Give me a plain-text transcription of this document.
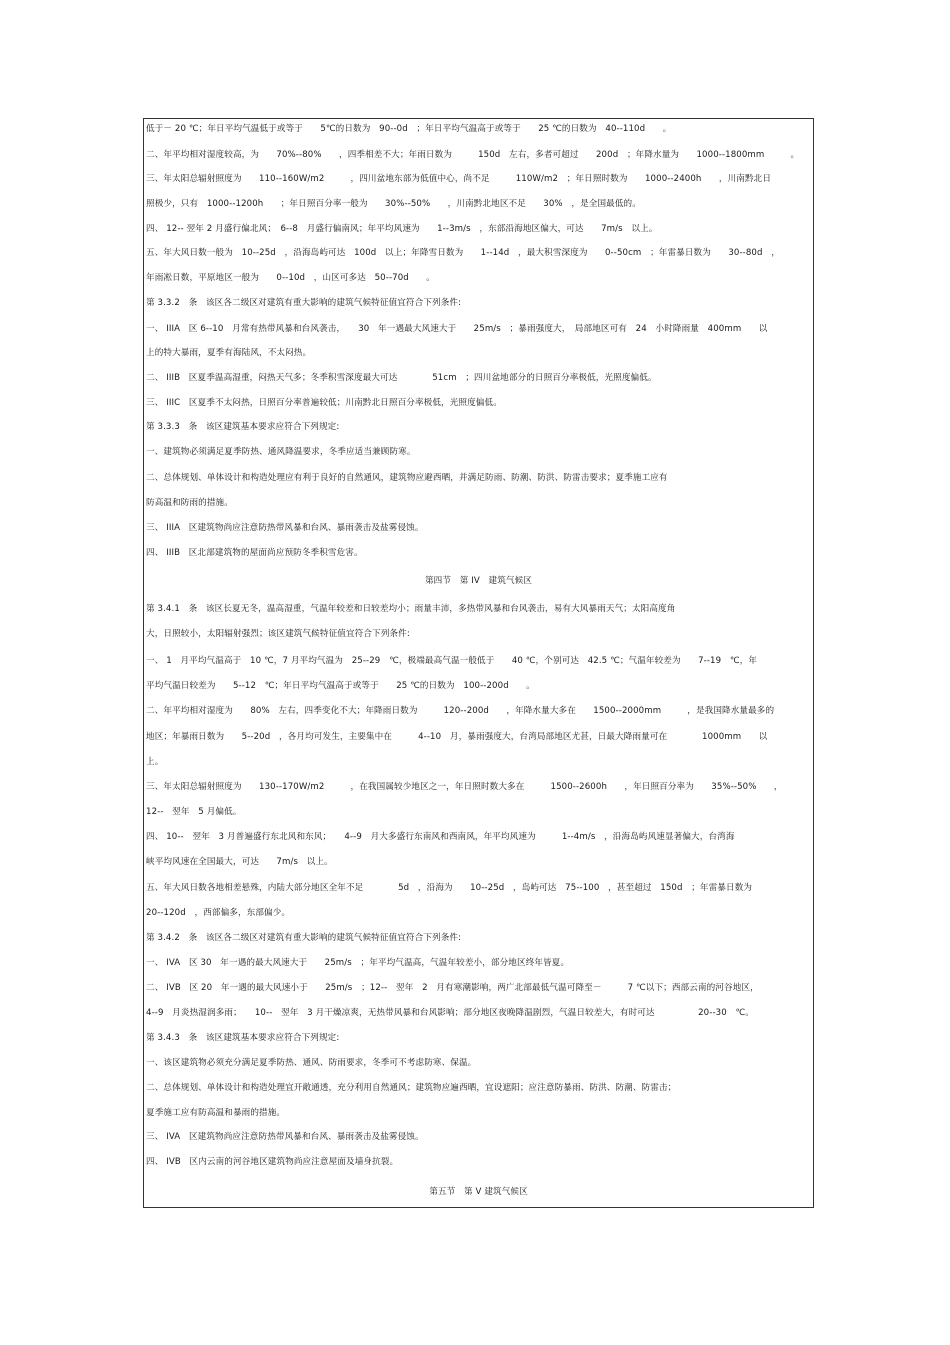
低于－ 20 ℃；年日平均气温低于或等于　　5℃的日数为　90--0d　；年日平均气温高于或等于　　25 ℃的日数为　40--110d　　。
二、年平均相对湿度较高，为　　70%--80%　　，四季相差不大；年雨日数为　　　150d　左右，多者可超过　　200d　；年降水量为　　1000--1800mm　　　。
三、年太阳总辐射照度为　　110--160W/m2　　　，四川盆地东部为低值中心，尚不足　　　110W/m2　；年日照时数为　　1000--2400h　　，川南黔北日
照极少，只有　1000--1200h　　；年日照百分率一般为　　30%--50%　　，川南黔北地区不足　　30%　，是全国最低的。
四、 12-- 翌年 2 月盛行偏北风；　6--8　月盛行偏南风；年平均风速为　　1--3m/s　，东部沿海地区偏大，可达　　7m/s　以上。
五、年大风日数一般为　10--25d　，沿海岛屿可达　100d　以上；年降雪日数为　　1--14d　，最大积雪深度为　　0--50cm　；年雷暴日数为　　30--80d　，
年雨凇日数，平原地区一般为　　0--10d　，山区可多达　50--70d　　。
第 3.3.2　条　该区各二级区对建筑有重大影响的建筑气候特征值宜符合下列条件:
一、 IIIA　区 6--10　月常有热带风暴和台风袭击，　　30　年一遇最大风速大于　　25m/s　；暴雨强度大，　局部地区可有　24　小时降雨量　400mm　　以
上的特大暴雨，夏季有海陆风，不太闷热。
二、 IIIB　区夏季温高湿重，闷热天气多；冬季积雪深度最大可达　　　　51cm　；四川盆地部分的日照百分率极低，光照度偏低。
三、 IIIC　区夏季不太闷热，日照百分率普遍较低；川南黔北日照百分率极低，光照度偏低。
第 3.3.3　条　该区建筑基本要求应符合下列规定:
一、建筑物必须满足夏季防热、通风降温要求，冬季应适当兼顾防寒。
二、总体规划、单体设计和构造处理应有利于良好的自然通风，建筑物应避西晒，并满足防雨、防潮、防洪、防雷击要求；夏季施工应有
防高温和防雨的措施。
三、 IIIA　区建筑物尚应注意防热带风暴和台风、暴雨袭击及盐雾侵蚀。
四、 IIIB　区北部建筑物的屋面尚应预防冬季积雪危害。
第四节　第 IV　建筑气候区
第 3.4.1　条　该区长夏无冬，温高湿重，气温年较差和日较差均小；雨量丰沛，多热带风暴和台风袭击，易有大风暴雨天气；太阳高度角
大，日照较小，太阳辐射强烈；该区建筑气候特征值宜符合下列条件:
一、 1　月平均气温高于　10 ℃，7 月平均气温为　25--29　℃，极端最高气温一般低于　　40 ℃，个别可达　42.5 ℃；气温年较差为　　7--19　℃，年
平均气温日较差为　　5--12　℃；年日平均气温高于或等于　　25 ℃的日数为　100--200d　　。
二、年平均相对湿度为　　80%　左右，四季变化不大；年降雨日数为　　　120--200d　　，年降水量大多在　　1500--2000mm　　　，是我国降水量最多的
地区；年暴雨日数为　　5--20d　，各月均可发生，主要集中在　　　4--10　月，暴雨强度大，台湾局部地区尤甚，日最大降雨量可在　　　　1000mm　　以
上。
三、年太阳总辐射照度为　　130--170W/m2　　　，在我国属较少地区之一，年日照时数大多在　　　1500--2600h　　，年日照百分率为　　35%--50%　　，
12--　翌年　5 月偏低。
四、 10--　翌年　3 月普遍盛行东北风和东风；　　4--9　月大多盛行东南风和西南风，年平均风速为　　　1--4m/s　，沿海岛屿风速显著偏大，台湾海
峡平均风速在全国最大，可达　　7m/s　以上。
五、年大风日数各地相差悬殊，内陆大部分地区全年不足　　　　5d　，沿海为　　10--25d　，岛屿可达　75--100　，甚至超过　150d　；年雷暴日数为
20--120d　，西部偏多，东部偏少。
第 3.4.2　条　该区各二级区对建筑有重大影响的建筑气候特征值宜符合下列条件:
一、 IVA　区 30　年一遇的最大风速大于　　25m/s　；年平均气温高，气温年较差小，部分地区终年皆夏。
二、 IVB　区 20　年一遇的最大风速小于　　25m/s　；12--　翌年　2　月有寒潮影响，两广北部最低气温可降至－　　　7 ℃以下；西部云南的河谷地区，
4--9　月炎热湿润多雨；　　10--　翌年　3 月干燥凉爽，无热带风暴和台风影响；部分地区夜晚降温剧烈，气温日较差大，有时可达　　　　　20--30　℃。
第 3.4.3　条　该区建筑基本要求应符合下列规定:
一、该区建筑物必须充分满足夏季防热、通风、防雨要求，冬季可不考虑防寒、保温。
二、总体规划、单体设计和构造处理宜开敞通透，充分利用自然通风；建筑物应遍西晒，宜设遮阳；应注意防暴雨、防洪、防潮、防雷击；
夏季施工应有防高温和暴雨的措施。
三、 IVA　区建筑物尚应注意防热带风暴和台风、暴雨袭击及盐雾侵蚀。
四、 IVB　区内云南的河谷地区建筑物尚应注意屋面及墙身抗裂。
第五节　第 V 建筑气候区
